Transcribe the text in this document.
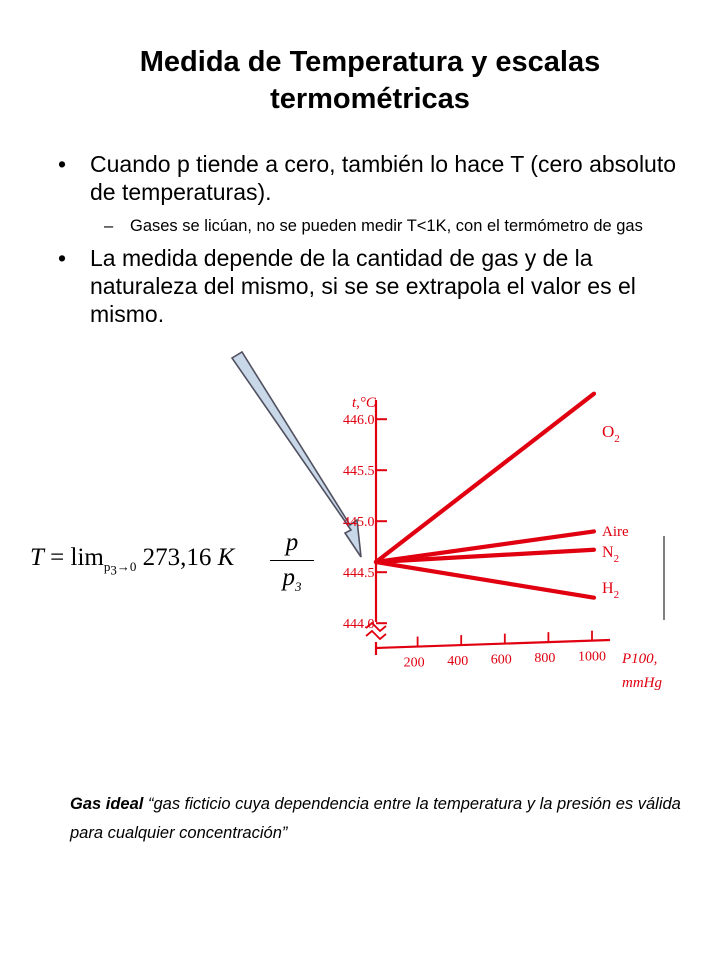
Medida de Temperatura y escalas termométricas
• Cuando p tiende a cero, también lo hace T (cero absoluto de temperaturas).
– Gases se licúan, no se pueden medir T<1K, con el termómetro de gas
• La medida depende de la cantidad de gas y de la naturaleza del mismo, si se se extrapola el valor es el mismo.
$T = \lim_{p_3\to 0} 273,16$ K
p
$p_3$
t,°C
P100,
mmHg
$O_2$
Aire
$N_2$
$H_2$
444.0
444.5
445.0
445.5
446.0
200 400 600 800 1000
Gas ideal “gas ficticio cuya dependencia entre la temperatura y la presión es válida para cualquier concentración”
